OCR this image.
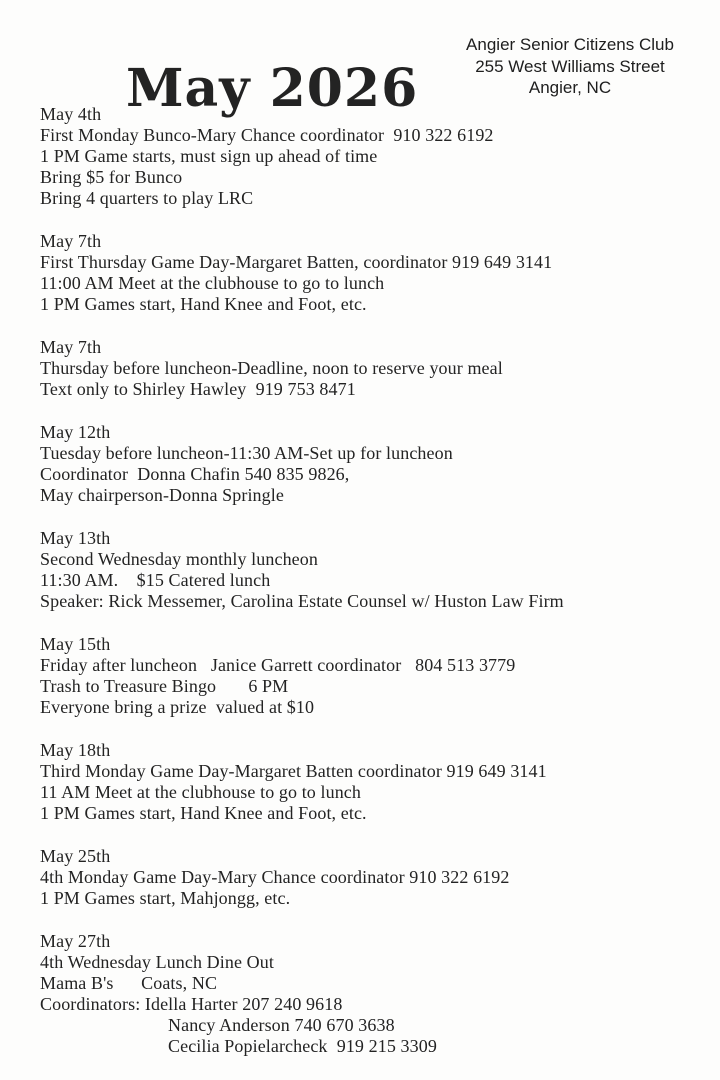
May 2026
Angier Senior Citizens Club
255 West Williams Street
Angier, NC
May 4th
First Monday Bunco-Mary Chance coordinator  910 322 6192
1 PM Game starts, must sign up ahead of time
Bring $5 for Bunco
Bring 4 quarters to play LRC
May 7th
First Thursday Game Day-Margaret Batten, coordinator 919 649 3141
11:00 AM Meet at the clubhouse to go to lunch
1 PM Games start, Hand Knee and Foot, etc.
May 7th
Thursday before luncheon-Deadline, noon to reserve your meal
Text only to Shirley Hawley  919 753 8471
May 12th
Tuesday before luncheon-11:30 AM-Set up for luncheon
Coordinator  Donna Chafin 540 835 9826,
May chairperson-Donna Springle
May 13th
Second Wednesday monthly luncheon
11:30 AM.    $15 Catered lunch
Speaker: Rick Messemer, Carolina Estate Counsel w/ Huston Law Firm
May 15th
Friday after luncheon   Janice Garrett coordinator   804 513 3779
Trash to Treasure Bingo       6 PM
Everyone bring a prize  valued at $10
May 18th
Third Monday Game Day-Margaret Batten coordinator 919 649 3141
11 AM Meet at the clubhouse to go to lunch
1 PM Games start, Hand Knee and Foot, etc.
May 25th
4th Monday Game Day-Mary Chance coordinator 910 322 6192
1 PM Games start, Mahjongg, etc.
May 27th
4th Wednesday Lunch Dine Out
Mama B's      Coats, NC
Coordinators: Idella Harter 207 240 9618
Nancy Anderson 740 670 3638
Cecilia Popielarcheck  919 215 3309
